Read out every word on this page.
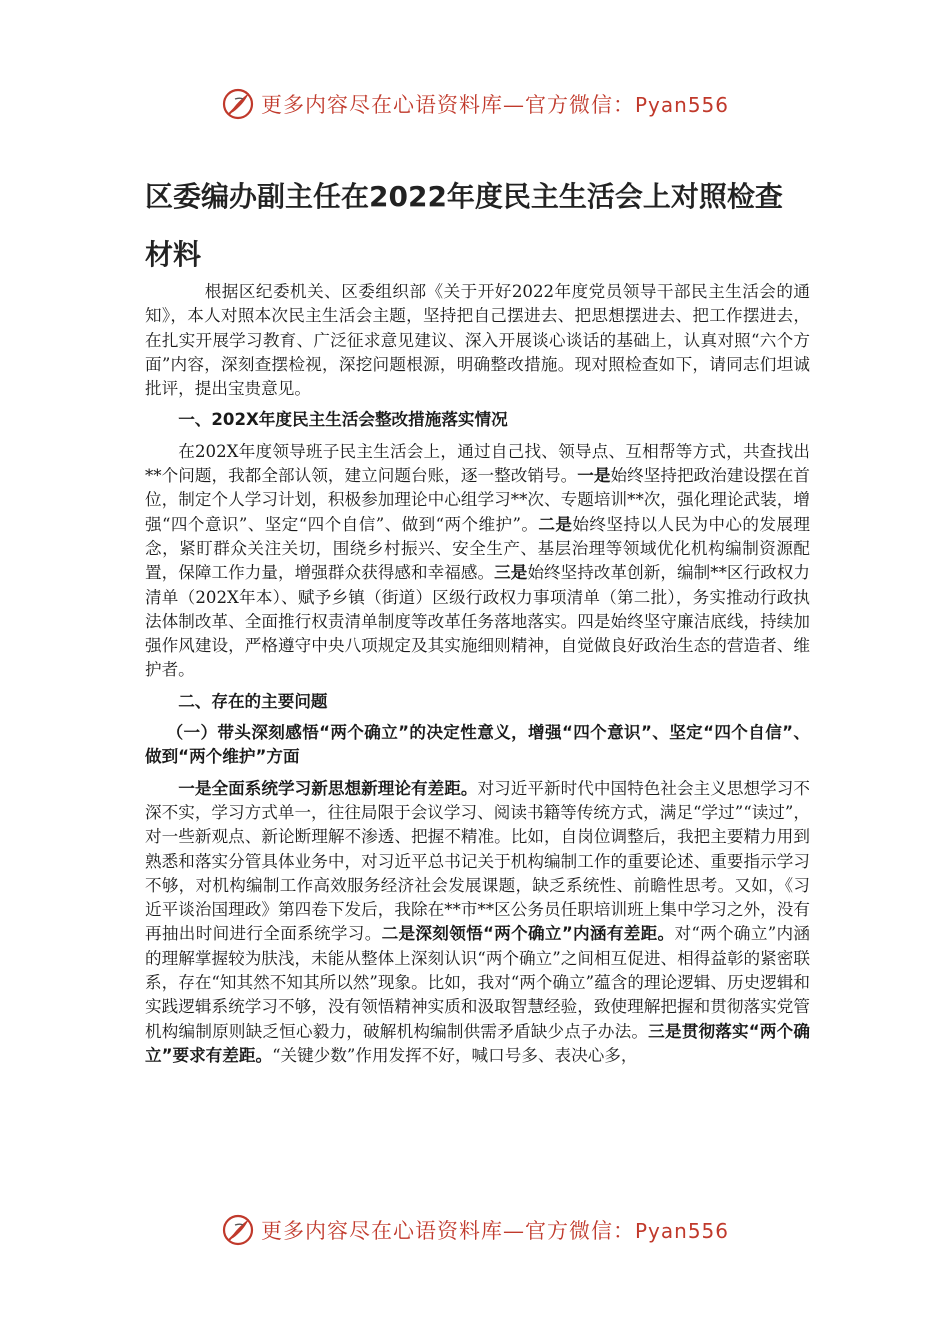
更多内容尽在心语资料库—官方微信：Pyan556
区委编办副主任在2022年度民主生活会上对照检查材料

根据区纪委机关、区委组织部《关于开好2022年度党员领导干部民主生活会的通知》，本人对照本次民主生活会主题，坚持把自己摆进去、把思想摆进去、把工作摆进去，在扎实开展学习教育、广泛征求意见建议、深入开展谈心谈话的基础上，认真对照“六个方面”内容，深刻查摆检视，深挖问题根源，明确整改措施。现对照检查如下，请同志们坦诚批评，提出宝贵意见。

一、202X年度民主生活会整改措施落实情况

在202X年度领导班子民主生活会上，通过自己找、领导点、互相帮等方式，共查找出**个问题，我都全部认领，建立问题台账，逐一整改销号。一是始终坚持把政治建设摆在首位，制定个人学习计划，积极参加理论中心组学习**次、专题培训**次，强化理论武装，增强“四个意识”、坚定“四个自信”、做到“两个维护”。二是始终坚持以人民为中心的发展理念，紧盯群众关注关切，围绕乡村振兴、安全生产、基层治理等领域优化机构编制资源配置，保障工作力量，增强群众获得感和幸福感。三是始终坚持改革创新，编制**区行政权力清单（202X年本）、赋予乡镇（街道）区级行政权力事项清单（第二批），务实推动行政执法体制改革、全面推行权责清单制度等改革任务落地落实。四是始终坚守廉洁底线，持续加强作风建设，严格遵守中央八项规定及其实施细则精神，自觉做良好政治生态的营造者、维护者。

二、存在的主要问题
（一）带头深刻感悟“两个确立”的决定性意义，增强“四个意识”、坚定“四个自信”、做到“两个维护”方面

一是全面系统学习新思想新理论有差距。对习近平新时代中国特色社会主义思想学习不深不实，学习方式单一，往往局限于会议学习、阅读书籍等传统方式，满足“学过”“读过”，对一些新观点、新论断理解不渗透、把握不精准。比如，自岗位调整后，我把主要精力用到熟悉和落实分管具体业务中，对习近平总书记关于机构编制工作的重要论述、重要指示学习不够，对机构编制工作高效服务经济社会发展课题，缺乏系统性、前瞻性思考。又如，《习近平谈治国理政》第四卷下发后，我除在**市**区公务员任职培训班上集中学习之外，没有再抽出时间进行全面系统学习。二是深刻领悟“两个确立”内涵有差距。对“两个确立”内涵的理解掌握较为肤浅，未能从整体上深刻认识“两个确立”之间相互促进、相得益彰的紧密联系，存在“知其然不知其所以然”现象。比如，我对“两个确立”蕴含的理论逻辑、历史逻辑和实践逻辑系统学习不够，没有领悟精神实质和汲取智慧经验，致使理解把握和贯彻落实党管机构编制原则缺乏恒心毅力，破解机构编制供需矛盾缺少点子办法。三是贯彻落实“两个确立”要求有差距。“关键少数”作用发挥不好，喊口号多、表决心多，

更多内容尽在心语资料库—官方微信：Pyan556
